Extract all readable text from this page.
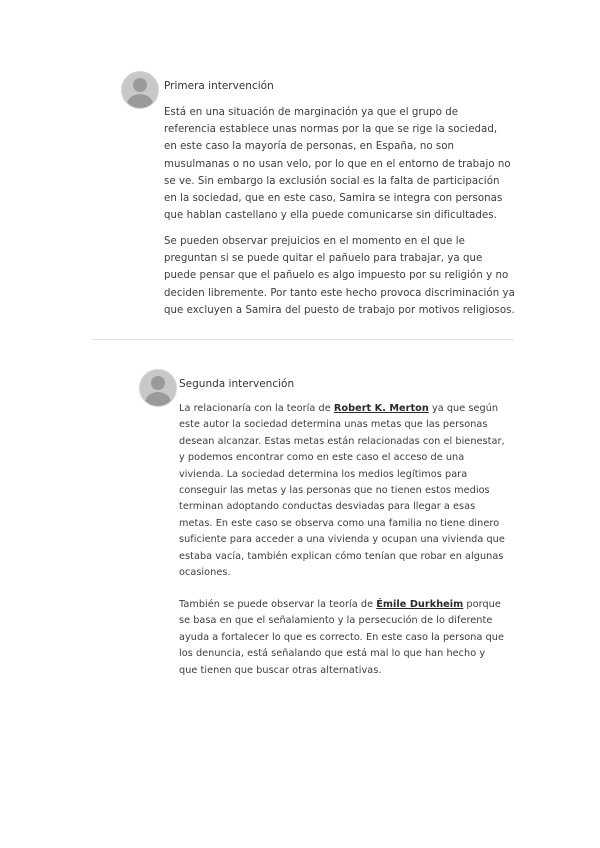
Primera intervención

Está en una situación de marginación ya que el grupo de referencia establece unas normas por la que se rige la sociedad, en este caso la mayoría de personas, en España, no son musulmanas o no usan velo, por lo que en el entorno de trabajo no se ve. Sin embargo la exclusión social es la falta de participación en la sociedad, que en este caso, Samira se integra con personas que hablan castellano y ella puede comunicarse sin dificultades.

Se pueden observar prejuicios en el momento en el que le preguntan si se puede quitar el pañuelo para trabajar, ya que puede pensar que el pañuelo es algo impuesto por su religión y no deciden libremente. Por tanto este hecho provoca discriminación ya que excluyen a Samira del puesto de trabajo por motivos religiosos.

Segunda intervención

La relacionaría con la teoría de Robert K. Merton ya que según este autor la sociedad determina unas metas que las personas desean alcanzar. Estas metas están relacionadas con el bienestar, y podemos encontrar como en este caso el acceso de una vivienda. La sociedad determina los medios legítimos para conseguir las metas y las personas que no tienen estos medios terminan adoptando conductas desviadas para llegar a esas metas. En este caso se observa como una familia no tiene dinero suficiente para acceder a una vivienda y ocupan una vivienda que estaba vacía, también explican cómo tenían que robar en algunas ocasiones.

También se puede observar la teoría de Émile Durkheim porque se basa en que el señalamiento y la persecución de lo diferente ayuda a fortalecer lo que es correcto. En este caso la persona que los denuncia, está señalando que está mal lo que han hecho y que tienen que buscar otras alternativas.
